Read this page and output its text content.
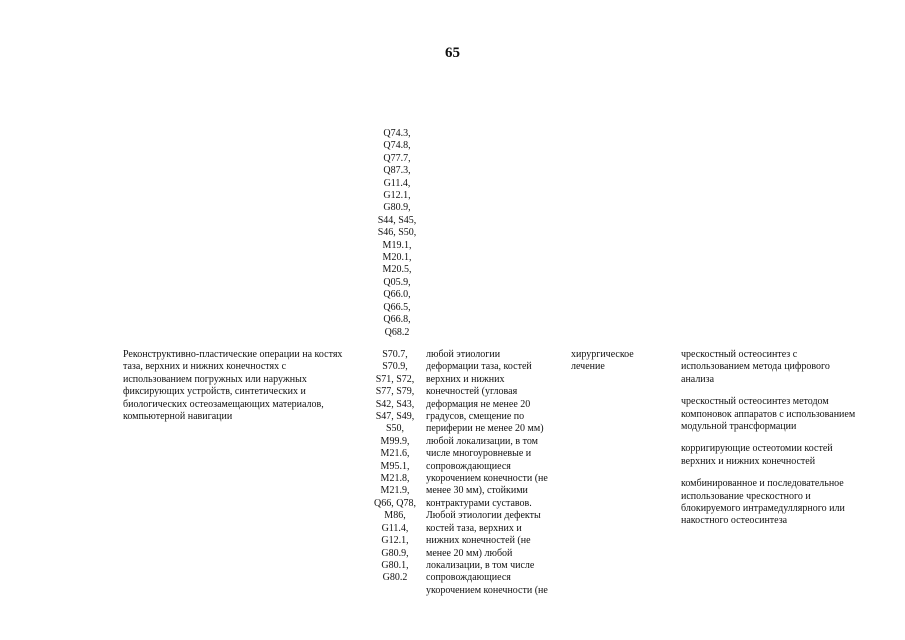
65
Q74.3,
Q74.8,
Q77.7,
Q87.3,
G11.4,
G12.1,
G80.9,
S44, S45,
S46, S50,
M19.1,
M20.1,
M20.5,
Q05.9,
Q66.0,
Q66.5,
Q66.8,
Q68.2
Реконструктивно-пластические операции на костях
таза, верхних и нижних конечностях с
использованием погружных или наружных
фиксирующих устройств, синтетических и
биологических остеозамещающих материалов,
компьютерной навигации
S70.7,
S70.9,
S71, S72,
S77, S79,
S42, S43,
S47, S49,
S50,
M99.9,
M21.6,
M95.1,
M21.8,
M21.9,
Q66, Q78,
M86,
G11.4,
G12.1,
G80.9,
G80.1,
G80.2
любой этиологии
деформации таза, костей
верхних и нижних
конечностей (угловая
деформация не менее 20
градусов, смещение по
периферии не менее 20 мм)
любой локализации, в том
числе многоуровневые и
сопровождающиеся
укорочением конечности (не
менее 30 мм), стойкими
контрактурами суставов.
Любой этиологии дефекты
костей таза, верхних и
нижних конечностей (не
менее 20 мм) любой
локализации, в том числе
сопровождающиеся
укорочением конечности (не
хирургическое
лечение
чрескостный остеосинтез с
использованием метода цифрового
анализа
чрескостный остеосинтез методом
компоновок аппаратов с использованием
модульной трансформации
корригирующие остеотомии костей
верхних и нижних конечностей
комбинированное и последовательное
использование чрескостного и
блокируемого интрамедуллярного или
накостного остеосинтеза
